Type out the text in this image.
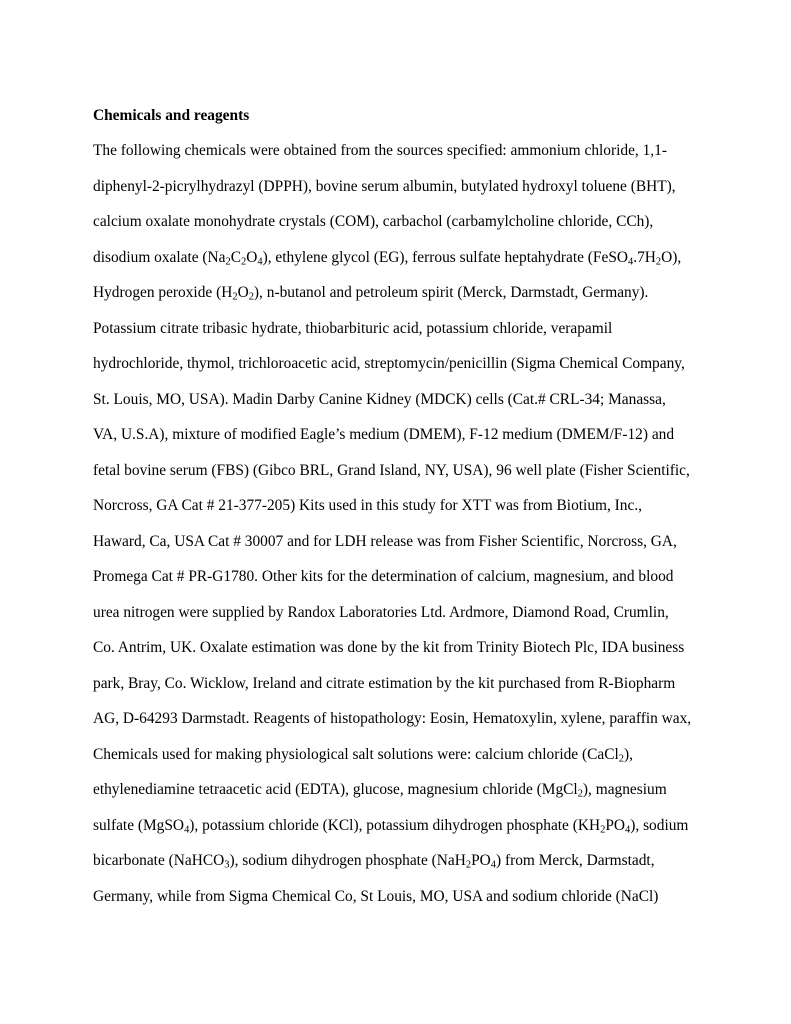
Chemicals and reagents
The following chemicals were obtained from the sources specified: ammonium chloride, 1,1-
diphenyl-2-picrylhydrazyl (DPPH), bovine serum albumin, butylated hydroxyl toluene (BHT),
calcium oxalate monohydrate crystals (COM), carbachol (carbamylcholine chloride, CCh),
disodium oxalate $(Na_2C_2O_4)$, ethylene glycol (EG), ferrous sulfate heptahydrate $(FeSO_4.7H_2O)$,
Hydrogen peroxide $(H_2O_2)$, n-butanol and petroleum spirit (Merck, Darmstadt, Germany).
Potassium citrate tribasic hydrate, thiobarbituric acid, potassium chloride, verapamil
hydrochloride, thymol, trichloroacetic acid, streptomycin/penicillin (Sigma Chemical Company,
St. Louis, MO, USA). Madin Darby Canine Kidney (MDCK) cells (Cat.# CRL-34; Manassa,
VA, U.S.A), mixture of modified Eagle’s medium (DMEM), F-12 medium (DMEM/F-12) and
fetal bovine serum (FBS) (Gibco BRL, Grand Island, NY, USA), 96 well plate (Fisher Scientific,
Norcross, GA Cat # 21-377-205) Kits used in this study for XTT was from Biotium, Inc.,
Haward, Ca, USA Cat # 30007 and for LDH release was from Fisher Scientific, Norcross, GA,
Promega Cat # PR-G1780. Other kits for the determination of calcium, magnesium, and blood
urea nitrogen were supplied by Randox Laboratories Ltd. Ardmore, Diamond Road, Crumlin,
Co. Antrim, UK. Oxalate estimation was done by the kit from Trinity Biotech Plc, IDA business
park, Bray, Co. Wicklow, Ireland and citrate estimation by the kit purchased from R-Biopharm
AG, D-64293 Darmstadt. Reagents of histopathology: Eosin, Hematoxylin, xylene, paraffin wax,
Chemicals used for making physiological salt solutions were: calcium chloride (CaCl$_2$),
ethylenediamine tetraacetic acid (EDTA), glucose, magnesium chloride (MgCl$_2$), magnesium
sulfate (MgSO$_4$), potassium chloride (KCl), potassium dihydrogen phosphate $(KH_2PO_4)$, sodium
bicarbonate (NaHCO$_3$), sodium dihydrogen phosphate $(NaH_2PO_4)$ from Merck, Darmstadt,
Germany, while from Sigma Chemical Co, St Louis, MO, USA and sodium chloride (NaCl)
